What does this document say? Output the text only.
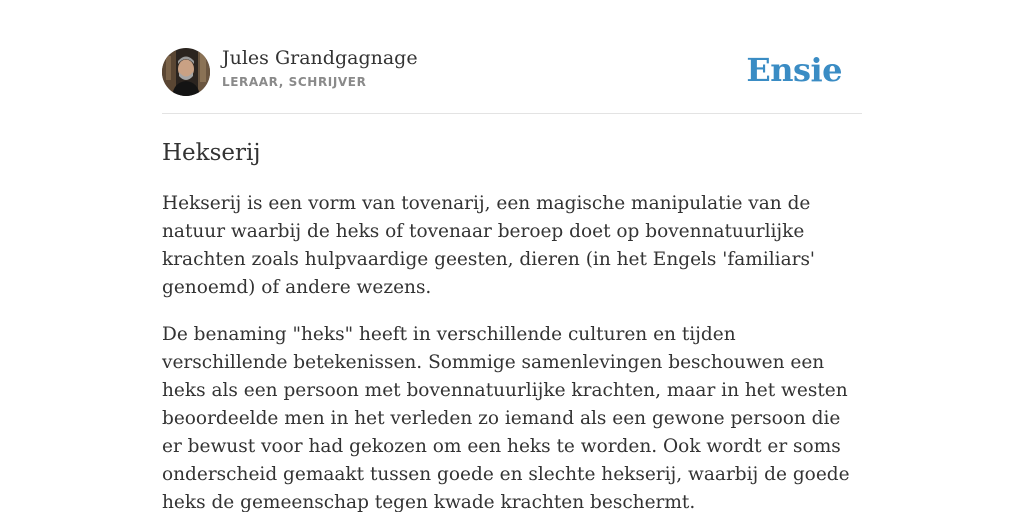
Jules Grandgagnage
LERAAR, SCHRIJVER	Ensie
Hekserij

Hekserij is een vorm van tovenarij, een magische manipulatie van de natuur waarbij de heks of tovenaar beroep doet op bovennatuurlijke krachten zoals hulpvaardige geesten, dieren (in het Engels 'familiars' genoemd) of andere wezens.

De benaming "heks" heeft in verschillende culturen en tijden verschillende betekenissen. Sommige samenlevingen beschouwen een heks als een persoon met bovennatuurlijke krachten, maar in het westen beoordeelde men in het verleden zo iemand als een gewone persoon die er bewust voor had gekozen om een heks te worden. Ook wordt er soms onderscheid gemaakt tussen goede en slechte hekserij, waarbij de goede heks de gemeenschap tegen kwade krachten beschermt.
